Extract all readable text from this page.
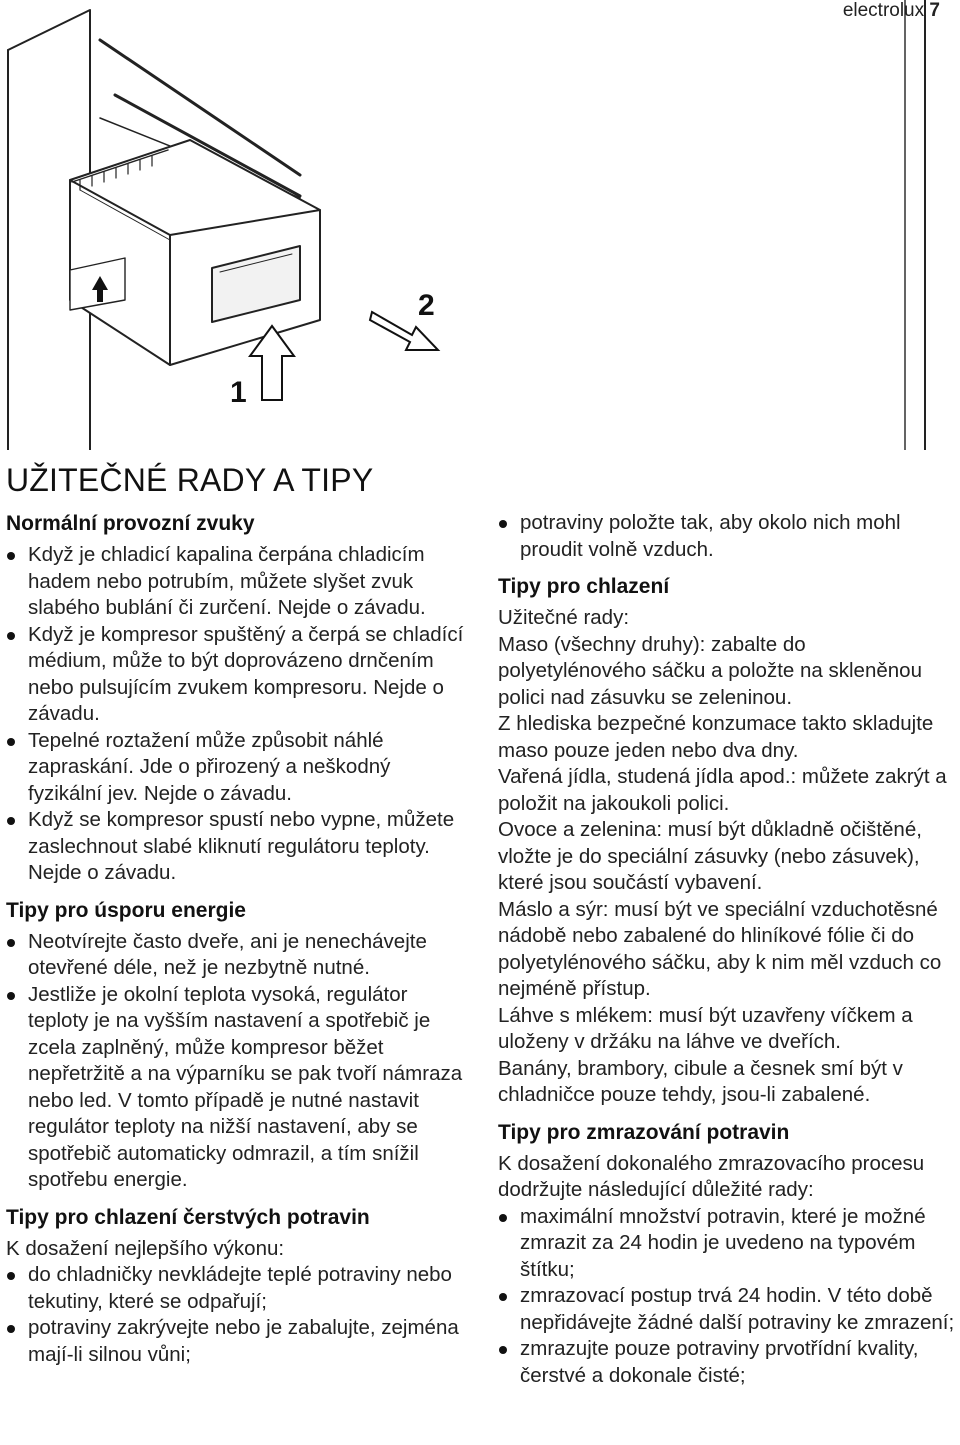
electrolux 7
1
2
UŽITEČNÉ RADY A TIPY
Normální provozní zvuky
Když je chladicí kapalina čerpána chladicím hadem nebo potrubím, můžete slyšet zvuk slabého bublání či zurčení. Nejde o závadu.
Když je kompresor spuštěný a čerpá se chladící médium, může to být doprovázeno drnčením nebo pulsujícím zvukem kompresoru. Nejde o závadu.
Tepelné roztažení může způsobit náhlé zapraskání. Jde o přirozený a neškodný fyzikální jev. Nejde o závadu.
Když se kompresor spustí nebo vypne, můžete zaslechnout slabé kliknutí regulátoru teploty. Nejde o závadu.
Tipy pro úsporu energie
Neotvírejte často dveře, ani je nenechávejte otevřené déle, než je nezbytně nutné.
Jestliže je okolní teplota vysoká, regulátor teploty je na vyšším nastavení a spotřebič je zcela zaplněný, může kompresor běžet nepřetržitě a na výparníku se pak tvoří námraza nebo led. V tomto případě je nutné nastavit regulátor teploty na nižší nastavení, aby se spotřebič automaticky odmrazil, a tím snížil spotřebu energie.
Tipy pro chlazení čerstvých potravin

K dosažení nejlepšího výkonu:

do chladničky nevkládejte teplé potraviny nebo tekutiny, které se odpařují;
potraviny zakrývejte nebo je zabalujte, zejména mají-li silnou vůni;
potraviny položte tak, aby okolo nich mohl proudit volně vzduch.
Tipy pro chlazení

Užitečné rady:

Maso (všechny druhy): zabalte do polyetylénového sáčku a položte na skleněnou polici nad zásuvku se zeleninou.

Z hlediska bezpečné konzumace takto skladujte maso pouze jeden nebo dva dny.

Vařená jídla, studená jídla apod.: můžete zakrýt a položit na jakoukoli polici.

Ovoce a zelenina: musí být důkladně očištěné, vložte je do speciální zásuvky (nebo zásuvek), které jsou součástí vybavení.

Máslo a sýr: musí být ve speciální vzduchotěsné nádobě nebo zabalené do hliníkové fólie či do polyetylénového sáčku, aby k nim měl vzduch co nejméně přístup.

Láhve s mlékem: musí být uzavřeny víčkem a uloženy v držáku na láhve ve dveřích.

Banány, brambory, cibule a česnek smí být v chladničce pouze tehdy, jsou-li zabalené.

Tipy pro zmrazování potravin

K dosažení dokonalého zmrazovacího procesu dodržujte následující důležité rady:

maximální množství potravin, které je možné zmrazit za 24 hodin je uvedeno na typovém štítku;
zmrazovací postup trvá 24 hodin. V této době nepřidávejte žádné další potraviny ke zmrazení;
zmrazujte pouze potraviny prvotřídní kvality, čerstvé a dokonale čisté;
